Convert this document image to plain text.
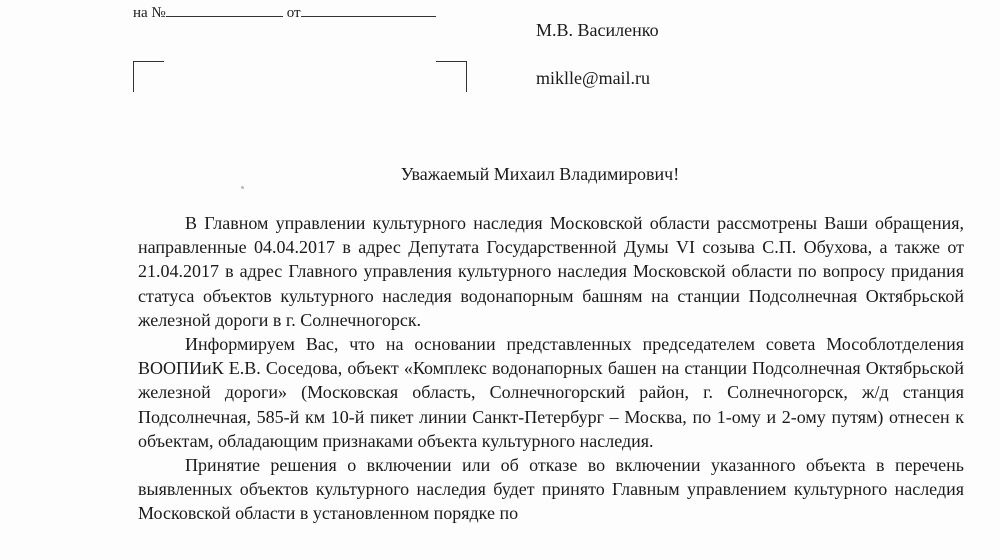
на №	от
М.В. Василенко
miklle@mail.ru
Уважаемый Михаил Владимирович!

В Главном управлении культурного наследия Московской области рассмотрены Ваши обращения, направленные 04.04.2017 в адрес Депутата Государственной Думы VI созыва С.П. Обухова, а также от 21.04.2017 в адрес Главного управления культурного наследия Московской области по вопросу придания статуса объектов культурного наследия водонапорным башням на станции Подсолнечная Октябрьской железной дороги в г. Солнечногорск.

Информируем Вас, что на основании представленных председателем совета Мособлотделения ВООПИиК Е.В. Соседова, объект «Комплекс водонапорных башен на станции Подсолнечная Октябрьской железной дороги» (Московская область, Солнечногорский район, г. Солнечногорск, ж/д станция Подсолнечная, 585-й км 10-й пикет линии Санкт-Петербург – Москва, по 1-ому и 2-ому путям) отнесен к объектам, обладающим признаками объекта культурного наследия.

Принятие решения о включении или об отказе во включении указанного объекта в перечень выявленных объектов культурного наследия будет принято Главным управлением культурного наследия Московской области в установленном порядке по
